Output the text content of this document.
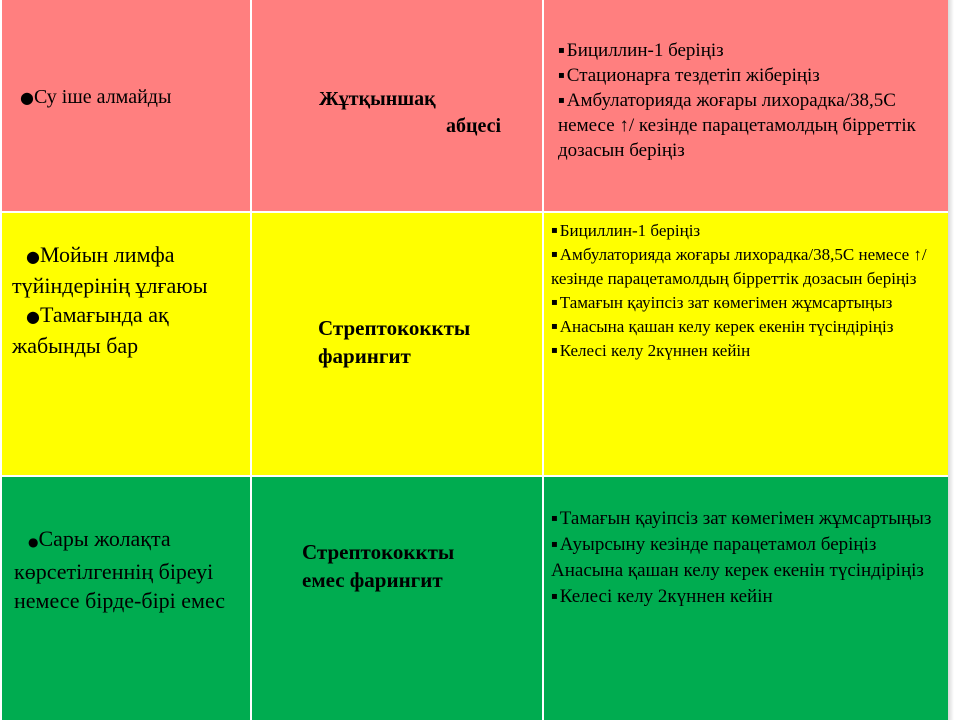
●Су іше алмайды	Жұтқыншақ
абцесі
▪ Бициллин-1 беріңіз
▪ Стационарға тездетіп жіберіңіз
▪ Амбулаторияда жоғары лихорадка/38,5С немесе ↑/ кезінде парацетамолдың бірреттік дозасын беріңіз
●Мойын лимфа түйіндерінің ұлғаюы
●Тамағында ақ жабынды бар
Стрептококкты фарингит
▪ Бициллин-1 беріңіз
▪ Амбулаторияда жоғары лихорадка/38,5С немесе ↑/ кезінде парацетамолдың бірреттік дозасын беріңіз
▪ Тамағын қауіпсіз зат көмегімен жұмсартыңыз
▪ Анасына қашан келу керек екенін түсіндіріңіз
▪ Келесі келу 2күннен кейін
●Сары жолақта көрсетілгеннің біреуі немесе бірде-бірі емес
Стрептококкты
емес фарингит
▪ Тамағын қауіпсіз зат көмегімен жұмсартыңыз
▪ Ауырсыну кезінде парацетамол беріңіз
Анасына қашан келу керек екенін түсіндіріңіз
▪ Келесі келу 2күннен кейін
